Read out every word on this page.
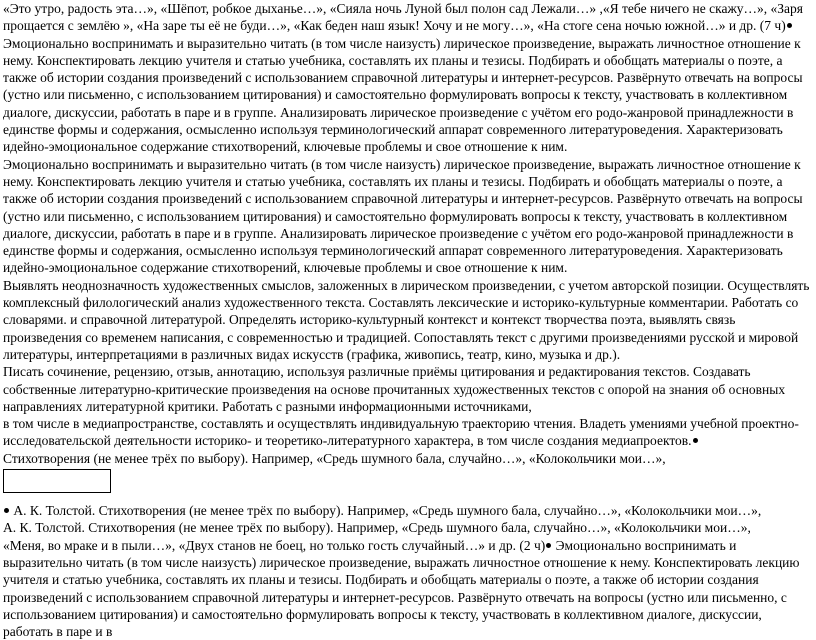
«Это утро, радость эта…», «Шёпот, робкое дыханье…», «Сияла ночь Луной был полон сад Лежали…» ,«Я тебе ничего не скажу…», «Заря прощается с землёю », «На заре ты её не буди…», «Как беден наш язык! Хочу и не могу…», «На стоге сена ночью южной…» и др. (7 ч) Эмоционально воспринимать и выразительно читать (в том числе наизусть) лирическое произведение, выражать личностное отношение к нему. Конспектировать лекцию учителя и статью учебника, составлять их планы и тезисы. Подбирать и обобщать материалы о поэте, а также об истории создания произведений с использованием справочной литературы и интернет-ресурсов. Развёрнуто отвечать на вопросы (устно или письменно, с использованием цитирования) и самостоятельно формулировать вопросы к тексту, участвовать в коллективном диалоге, дискуссии, работать в паре и в группе. Анализировать лирическое произведение с учётом его родо-жанровой принадлежности в единстве формы и содержания, осмысленно используя терминологический аппарат современного литературоведения. Характеризовать идейно-эмоциональное содержание стихотворений, ключевые проблемы и свое отношение к ним.

Эмоционально воспринимать и выразительно читать (в том числе наизусть) лирическое произведение, выражать личностное отношение к нему. Конспектировать лекцию учителя и статью учебника, составлять их планы и тезисы. Подбирать и обобщать материалы о поэте, а также об истории создания произведений с использованием справочной литературы и интернет-ресурсов. Развёрнуто отвечать на вопросы (устно или письменно, с использованием цитирования) и самостоятельно формулировать вопросы к тексту, участвовать в коллективном диалоге, дискуссии, работать в паре и в группе. Анализировать лирическое произведение с учётом его родо-жанровой принадлежности в единстве формы и содержания, осмысленно используя терминологический аппарат современного литературоведения. Характеризовать идейно-эмоциональное содержание стихотворений, ключевые проблемы и свое отношение к ним.

Выявлять неоднозначность художественных смыслов, заложенных в лирическом произведении, с учетом авторской позиции. Осуществлять комплексный филологический анализ художественного текста. Составлять лексические и историко-культурные комментарии. Работать со словарями. и справочной литературой. Определять историко-культурный контекст и контекст творчества поэта, выявлять связь произведения со временем написания, с современностью и традицией. Сопоставлять текст с другими произведениями русской и мировой литературы, интерпретациями в различных видах искусств (графика, живопись, театр, кино, музыка и др.).

Писать сочинение, рецензию, отзыв, аннотацию, используя различные приёмы цитирования и редактирования текстов. Создавать собственные литературно-критические произведения на основе прочитанных художественных текстов с опорой на знания об основных направлениях литературной критики. Работать с разными информационными источниками,

в том числе в медиапространстве, составлять и осуществлять индивидуальную траекторию чтения. Владеть умениями учебной проектно-исследовательской деятельности историко- и теоретико-литературного характера, в том числе создания медиапроектов.

Стихотворения (не менее трёх по выбору). Например, «Средь шумного бала, случайно…», «Колокольчики мои…»,

А. К. Толстой. Стихотворения (не менее трёх по выбору). Например, «Средь шумного бала, случайно…», «Колокольчики мои…»,

А. К. Толстой. Стихотворения (не менее трёх по выбору). Например, «Средь шумного бала, случайно…», «Колокольчики мои…»,

«Меня, во мраке и в пыли…», «Двух станов не боец, но только гость случайный…» и др. (2 ч) Эмоционально воспринимать и выразительно читать (в том числе наизусть) лирическое произведение, выражать личностное отношение к нему. Конспектировать лекцию учителя и статью учебника, составлять их планы и тезисы. Подбирать и обобщать материалы о поэте, а также об истории создания произведений с использованием справочной литературы и интернет-ресурсов. Развёрнуто отвечать на вопросы (устно или письменно, с использованием цитирования) и самостоятельно формулировать вопросы к тексту, участвовать в коллективном диалоге, дискуссии, работать в паре и в
